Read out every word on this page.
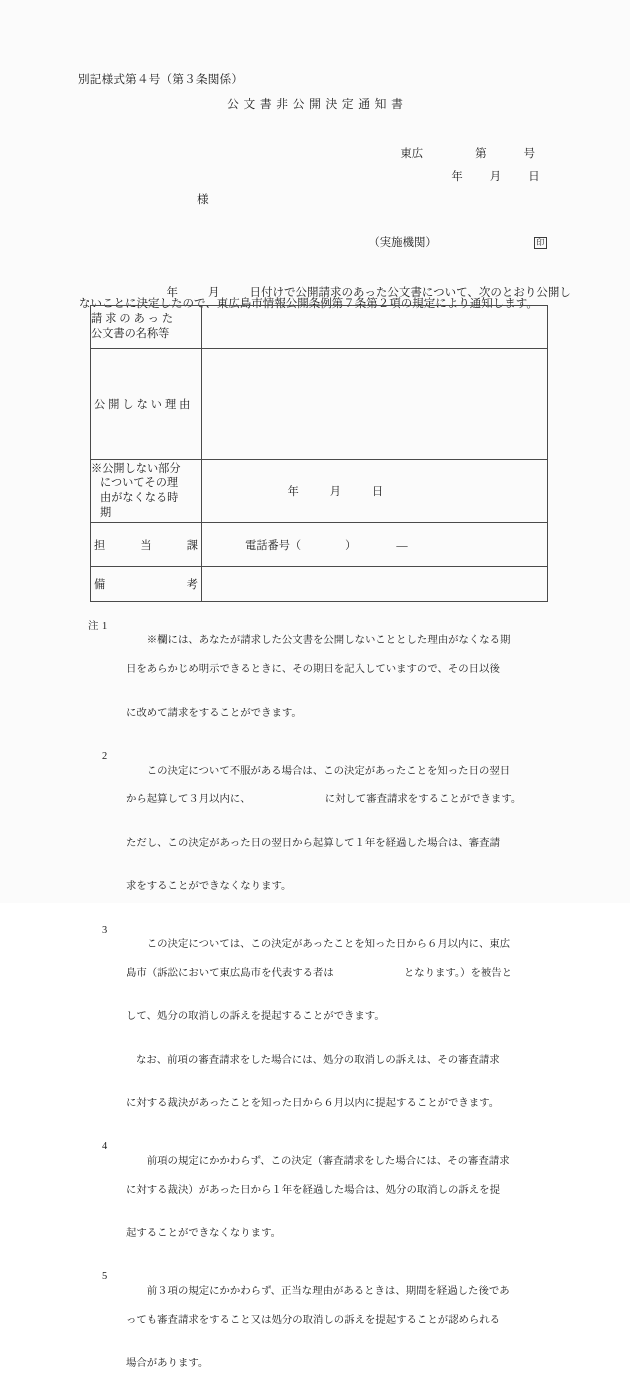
別記様式第４号（第３条関係）
公文書非公開決定通知書

東広	第	号

年 月 日

様

（実施機関）	印

年	月	日付けで公開請求のあった公文書について、次のとおり公開し

ないことに決定したので、東広島市情報公開条例第７条第２項の規定により通知します。
請求のあった
公文書の名称等	

公開しない理由	

※公開しない部分
についてその理
由がなくなる時
期	年 月 日

担 当 課	電話番号（ ） ―

備 考	

注 1

※欄には、あなたが請求した公文書を公開しないこととした理由がなくなる期

日をあらかじめ明示できるときに、その期日を記入していますので、その日以後

に改めて請求をすることができます。

2

この決定について不服がある場合は、この決定があったことを知った日の翌日

から起算して３月以内に、	に対して審査請求をすることができます。

ただし、この決定があった日の翌日から起算して１年を経過した場合は、審査請

求をすることができなくなります。

3

この決定については、この決定があったことを知った日から６月以内に、東広

島市（訴訟において東広島市を代表する者は	となります。）を被告と

して、処分の取消しの訴えを提起することができます。

なお、前項の審査請求をした場合には、処分の取消しの訴えは、その審査請求

に対する裁決があったことを知った日から６月以内に提起することができます。

4

前項の規定にかかわらず、この決定（審査請求をした場合には、その審査請求

に対する裁決）があった日から１年を経過した場合は、処分の取消しの訴えを提

起することができなくなります。

5

前３項の規定にかかわらず、正当な理由があるときは、期間を経過した後であ

っても審査請求をすること又は処分の取消しの訴えを提起することが認められる

場合があります。
